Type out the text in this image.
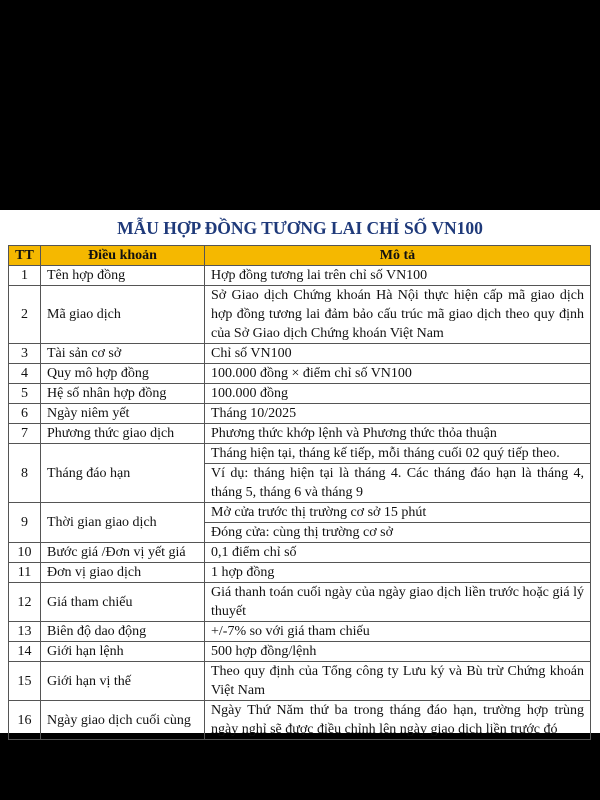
MẪU HỢP ĐỒNG TƯƠNG LAI CHỈ SỐ VN100
TT	Điều khoản	Mô tả
1	Tên hợp đồng	Hợp đồng tương lai trên chỉ số VN100
2	Mã giao dịch	Sở Giao dịch Chứng khoán Hà Nội thực hiện cấp mã giao dịch hợp đồng tương lai đảm bảo cấu trúc mã giao dịch theo quy định của Sở Giao dịch Chứng khoán Việt Nam
3	Tài sản cơ sở	Chỉ số VN100
4	Quy mô hợp đồng	100.000 đồng × điểm chỉ số VN100
5	Hệ số nhân hợp đồng	100.000 đồng
6	Ngày niêm yết	Tháng 10/2025
7	Phương thức giao dịch	Phương thức khớp lệnh và Phương thức thỏa thuận
8	Tháng đáo hạn	Tháng hiện tại, tháng kế tiếp, mỗi tháng cuối 02 quý tiếp theo.
		Ví dụ: tháng hiện tại là tháng 4. Các tháng đáo hạn là tháng 4, tháng 5, tháng 6 và tháng 9
9	Thời gian giao dịch	Mở cửa trước thị trường cơ sở 15 phút
		Đóng cửa: cùng thị trường cơ sở
10	Bước giá /Đơn vị yết giá	0,1 điểm chỉ số
11	Đơn vị giao dịch	1 hợp đồng
12	Giá tham chiếu	Giá thanh toán cuối ngày của ngày giao dịch liền trước hoặc giá lý thuyết
13	Biên độ dao động	+/-7% so với giá tham chiếu
14	Giới hạn lệnh	500 hợp đồng/lệnh
15	Giới hạn vị thế	Theo quy định của Tổng công ty Lưu ký và Bù trừ Chứng khoán Việt Nam
16	Ngày giao dịch cuối cùng	Ngày Thứ Năm thứ ba trong tháng đáo hạn, trường hợp trùng ngày nghỉ sẽ được điều chỉnh lên ngày giao dịch liền trước đó
